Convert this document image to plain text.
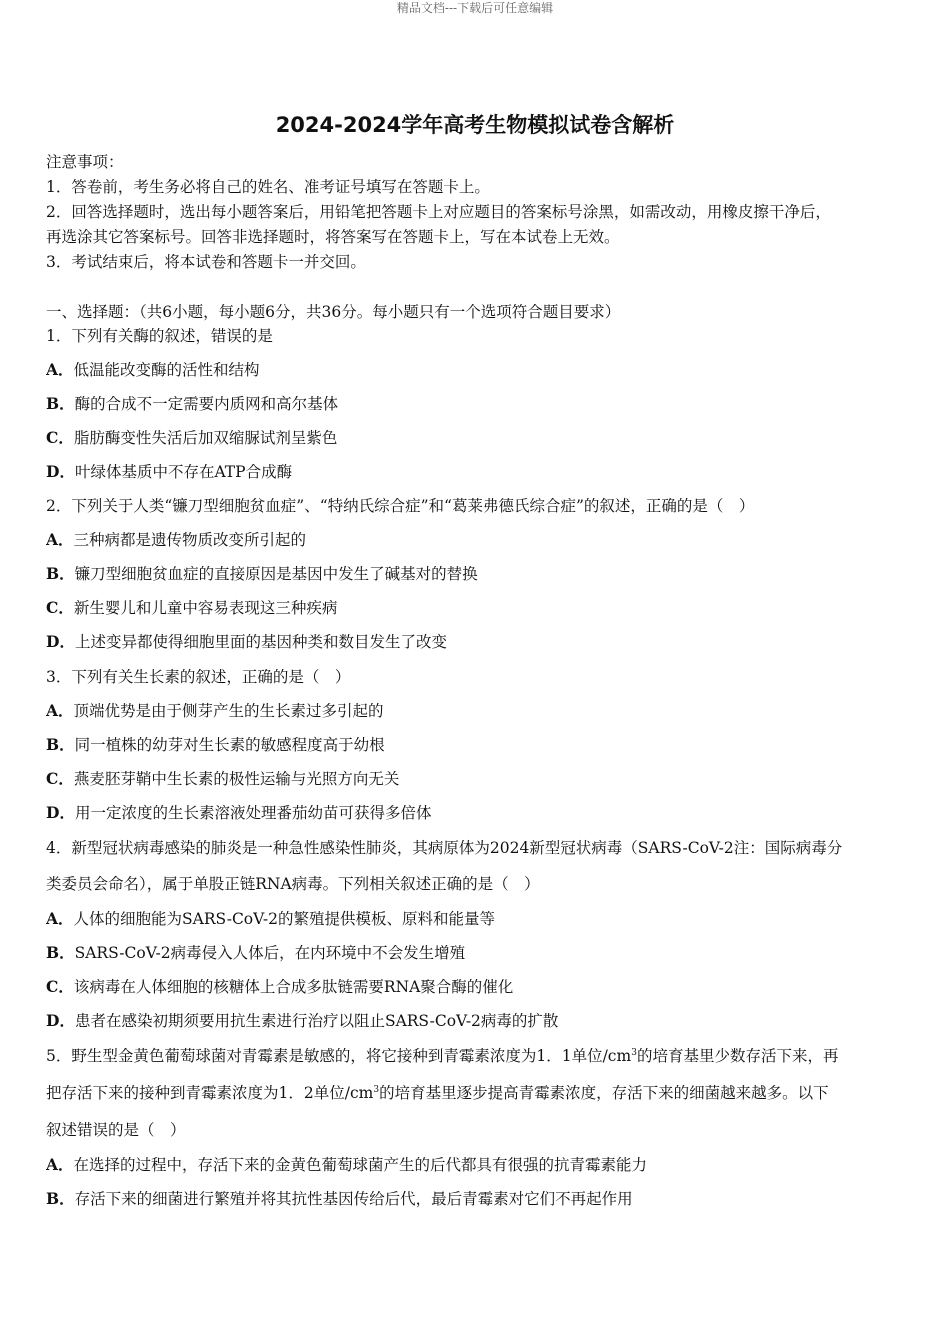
精品文档---下载后可任意编辑
2024-2024学年高考生物模拟试卷含解析
注意事项：
1．答卷前，考生务必将自己的姓名、准考证号填写在答题卡上。
2．回答选择题时，选出每小题答案后，用铅笔把答题卡上对应题目的答案标号涂黑，如需改动，用橡皮擦干净后，
再选涂其它答案标号。回答非选择题时，将答案写在答题卡上，写在本试卷上无效。
3．考试结束后，将本试卷和答题卡一并交回。
一、选择题：（共6小题，每小题6分，共36分。每小题只有一个选项符合题目要求）
1．下列有关酶的叙述，错误的是
A．低温能改变酶的活性和结构
B．酶的合成不一定需要内质网和高尔基体
C．脂肪酶变性失活后加双缩脲试剂呈紫色
D．叶绿体基质中不存在ATP合成酶
2．下列关于人类“镰刀型细胞贫血症”、“特纳氏综合症”和“葛莱弗德氏综合症”的叙述，正确的是（　）
A．三种病都是遗传物质改变所引起的
B．镰刀型细胞贫血症的直接原因是基因中发生了碱基对的替换
C．新生婴儿和儿童中容易表现这三种疾病
D．上述变异都使得细胞里面的基因种类和数目发生了改变
3．下列有关生长素的叙述，正确的是（　）
A．顶端优势是由于侧芽产生的生长素过多引起的
B．同一植株的幼芽对生长素的敏感程度高于幼根
C．燕麦胚芽鞘中生长素的极性运输与光照方向无关
D．用一定浓度的生长素溶液处理番茄幼苗可获得多倍体
4．新型冠状病毒感染的肺炎是一种急性感染性肺炎，其病原体为2024新型冠状病毒（SARS-CoV-2注：国际病毒分
类委员会命名），属于单股正链RNA病毒。下列相关叙述正确的是（　）
A．人体的细胞能为SARS-CoV-2的繁殖提供模板、原料和能量等
B．SARS-CoV-2病毒侵入人体后，在内环境中不会发生增殖
C．该病毒在人体细胞的核糖体上合成多肽链需要RNA聚合酶的催化
D．患者在感染初期须要用抗生素进行治疗以阻止SARS-CoV-2病毒的扩散
5．野生型金黄色葡萄球菌对青霉素是敏感的，将它接种到青霉素浓度为1．1单位$/cm^3$的培育基里少数存活下来，再
把存活下来的接种到青霉素浓度为1．2单位$/cm^3$的培育基里逐步提高青霉素浓度，存活下来的细菌越来越多。以下
叙述错误的是（　）
A．在选择的过程中，存活下来的金黄色葡萄球菌产生的后代都具有很强的抗青霉素能力
B．存活下来的细菌进行繁殖并将其抗性基因传给后代，最后青霉素对它们不再起作用
